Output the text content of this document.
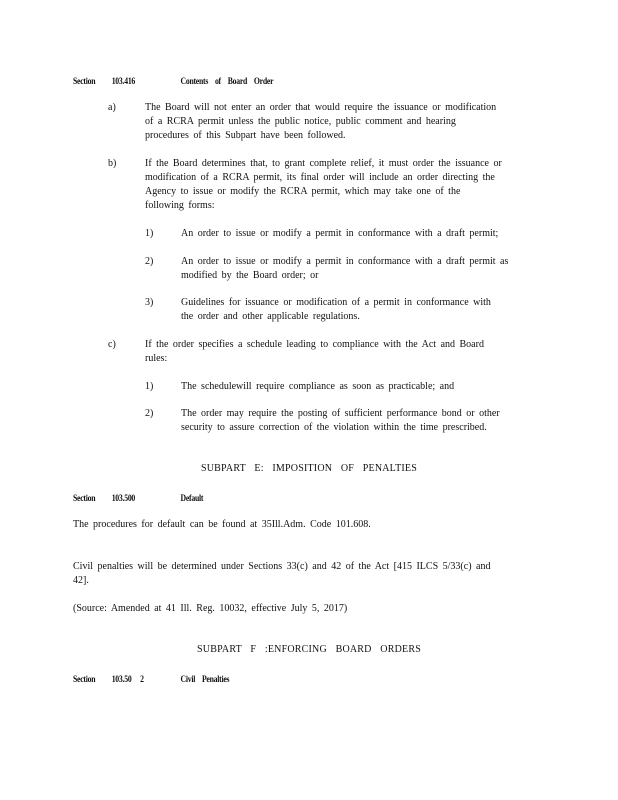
Section 103.416	Contents of Board Order
a)	The Board will not enter an order that would require the issuance or modification
of a RCRA permit unless the public notice, public comment and hearing
procedures of this Subpart have been followed.
b)	If the Board determines that, to grant complete relief, it must order the issuance or
modification of a RCRA permit, its final order will include an order directing the
Agency to issue or modify the RCRA permit, which may take one of the
following forms:
1)	An order to issue or modify a permit in conformance with a draft permit;
2)	An order to issue or modify a permit in conformance with a draft permit as
modified by the Board order; or
3)	Guidelines for issuance or modification of a permit in conformance with
the order and other applicable regulations.
c)	If the order specifies a schedule leading to compliance with the Act and Board
rules:
1)	The schedulewill require compliance as soon as practicable; and
2)	The order may require the posting of sufficient performance bond or other
security to assure correction of the violation within the time prescribed.
SUBPART E: IMPOSITION OF PENALTIES
Section 103.500	Default
The procedures for default can be found at 35Ill.Adm. Code 101.608.
Civil penalties will be determined under Sections 33(c) and 42 of the Act [415 ILCS 5/33(c) and
42].
(Source: Amended at 41 Ill. Reg. 10032, effective July 5, 2017)
SUBPART F :ENFORCING BOARD ORDERS
Section 103.50 2	Civil Penalties
